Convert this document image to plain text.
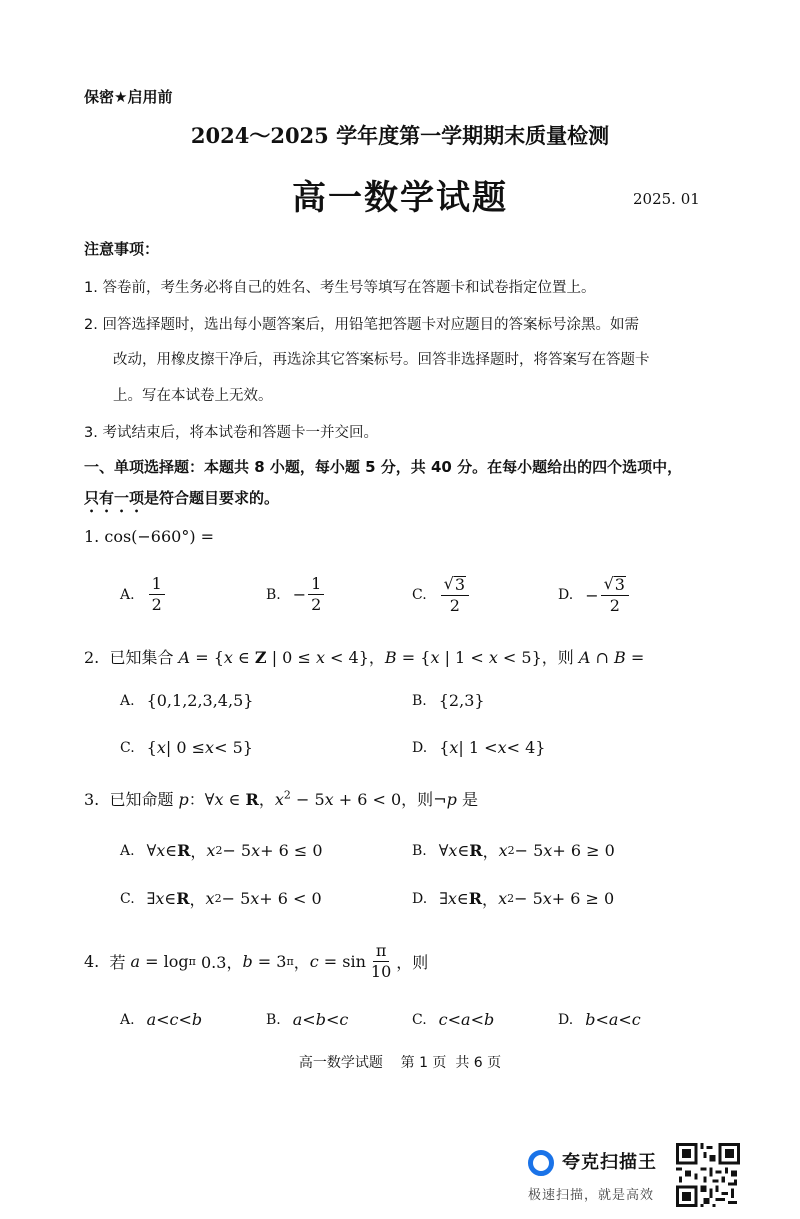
保密★启用前
2024～2025 学年度第一学期期末质量检测
高一数学试题	2025. 01
注意事项：
1. 答卷前，考生务必将自己的姓名、考生号等填写在答题卡和试卷指定位置上。
2. 回答选择题时，选出每小题答案后，用铅笔把答题卡对应题目的答案标号涂黑。如需
改动，用橡皮擦干净后，再选涂其它答案标号。回答非选择题时，将答案写在答题卡
上。写在本试卷上无效。
3. 考试结束后，将本试卷和答题卡一并交回。
一、单项选择题：本题共 8 小题，每小题 5 分，共 40 分。在每小题给出的四个选项中，
只有一项是符合题目要求的。
1. cos(−660°) =
A. $\frac{1}{2}$	B. − $\frac{1}{2}$	C. $\frac{√ 3}{2}$	D. − $\frac{√ 3}{2}$
2. 已知集合 A = {x ∈ Z | 0 ≤ x < 4}，B = {x | 1 < x < 5}，则 A ∩ B =
A. {0,1,2,3,4,5}	B. {2,3}
C. { x | 0 ≤ x < 5}	D. { x | 1 < x < 4}
3. 已知命题 p：∀x ∈ R，$x^2 - 5x + 6 < 0$，则¬p 是
A. ∀ x ∈ R ， x 2 − 5 x + 6 ≤ 0	B. ∀ x ∈ R ， x 2 − 5 x + 6 ≥ 0
C. ∃ x ∈ R ， x 2 − 5 x + 6 < 0	D. ∃ x ∈ R ， x 2 − 5 x + 6 ≥ 0
4.
若
a = log π 0.3， b = 3 π ， $c = \sin \frac{\pi}{10}$ ，则
A. a < c < b	B. a < b < c	C. c < a < b	D. b < a < c
高一数学试题    第 1 页  共 6 页
夸克扫描王
极速扫描，就是高效
